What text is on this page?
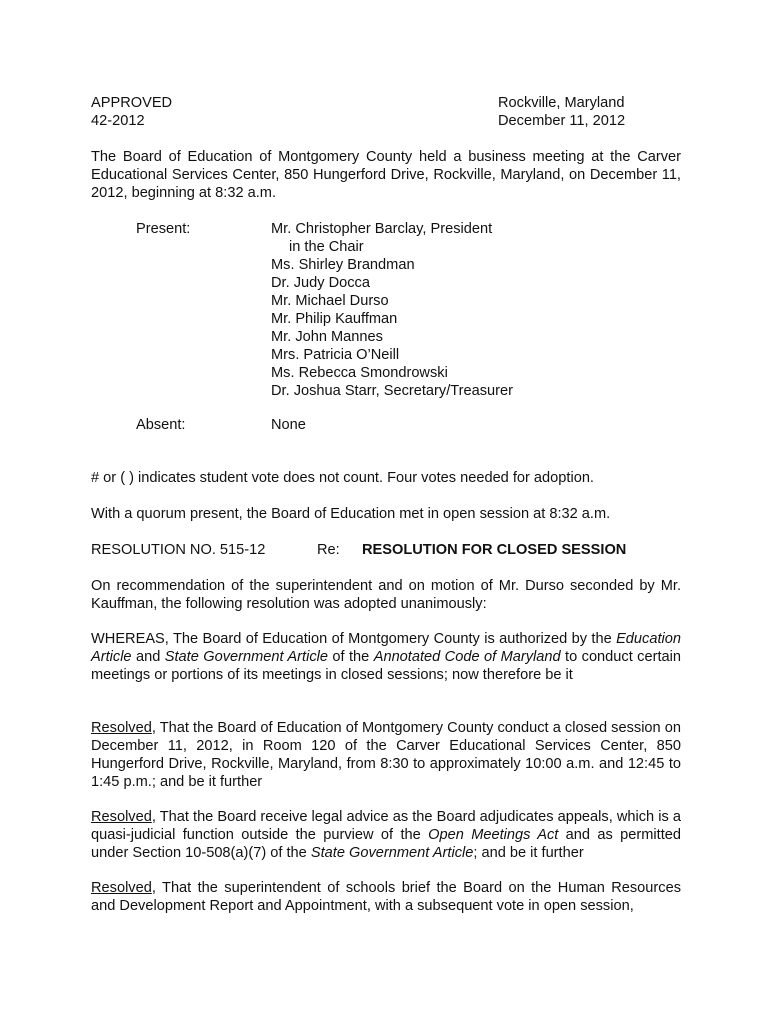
APPROVED
42-2012
Rockville, Maryland
December 11, 2012
The Board of Education of Montgomery County held a business meeting at the Carver Educational Services Center, 850 Hungerford Drive, Rockville, Maryland, on December 11, 2012, beginning at 8:32 a.m.
Present:	Mr. Christopher Barclay, President
in the Chair
Ms. Shirley Brandman
Dr. Judy Docca
Mr. Michael Durso
Mr. Philip Kauffman
Mr. John Mannes
Mrs. Patricia O’Neill
Ms. Rebecca Smondrowski
Dr. Joshua Starr, Secretary/Treasurer
Absent:	None
# or ( ) indicates student vote does not count. Four votes needed for adoption.
With a quorum present, the Board of Education met in open session at 8:32 a.m.
RESOLUTION NO. 515-12	Re: RESOLUTION FOR CLOSED SESSION
On recommendation of the superintendent and on motion of Mr. Durso seconded by Mr. Kauffman, the following resolution was adopted unanimously:
WHEREAS, The Board of Education of Montgomery County is authorized by the Education Article and State Government Article of the Annotated Code of Maryland to conduct certain meetings or portions of its meetings in closed sessions; now therefore be it
Resolved, That the Board of Education of Montgomery County conduct a closed session on December 11, 2012, in Room 120 of the Carver Educational Services Center, 850 Hungerford Drive, Rockville, Maryland, from 8:30 to approximately 10:00 a.m. and 12:45 to 1:45 p.m.; and be it further
Resolved, That the Board receive legal advice as the Board adjudicates appeals, which is a quasi-judicial function outside the purview of the Open Meetings Act and as permitted under Section 10-508(a)(7) of the State Government Article; and be it further
Resolved, That the superintendent of schools brief the Board on the Human Resources and Development Report and Appointment, with a subsequent vote in open session,
